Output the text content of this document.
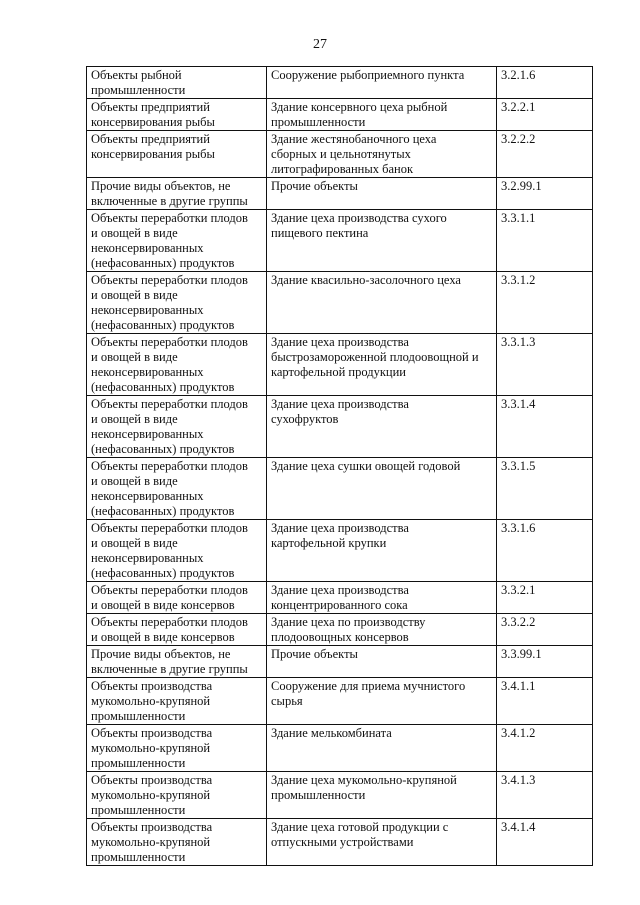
27
Объекты рыбной
промышленности	Сооружение рыбоприемного пункта	3.2.1.6
Объекты предприятий
консервирования рыбы	Здание консервного цеха рыбной
промышленности	3.2.2.1
Объекты предприятий
консервирования рыбы	Здание жестянобаночного цеха
сборных и цельнотянутых
литографированных банок	3.2.2.2
Прочие виды объектов, не
включенные в другие группы	Прочие объекты	3.2.99.1
Объекты переработки плодов
и овощей в виде
неконсервированных
(нефасованных) продуктов	Здание цеха производства сухого
пищевого пектина	3.3.1.1
Объекты переработки плодов
и овощей в виде
неконсервированных
(нефасованных) продуктов	Здание квасильно-засолочного цеха	3.3.1.2
Объекты переработки плодов
и овощей в виде
неконсервированных
(нефасованных) продуктов	Здание цеха производства
быстрозамороженной плодоовощной и
картофельной продукции	3.3.1.3
Объекты переработки плодов
и овощей в виде
неконсервированных
(нефасованных) продуктов	Здание цеха производства
сухофруктов	3.3.1.4
Объекты переработки плодов
и овощей в виде
неконсервированных
(нефасованных) продуктов	Здание цеха сушки овощей годовой	3.3.1.5
Объекты переработки плодов
и овощей в виде
неконсервированных
(нефасованных) продуктов	Здание цеха производства
картофельной крупки	3.3.1.6
Объекты переработки плодов
и овощей в виде консервов	Здание цеха производства
концентрированного сока	3.3.2.1
Объекты переработки плодов
и овощей в виде консервов	Здание цеха по производству
плодоовощных консервов	3.3.2.2
Прочие виды объектов, не
включенные в другие группы	Прочие объекты	3.3.99.1
Объекты производства
мукомольно-крупяной
промышленности	Сооружение для приема мучнистого
сырья	3.4.1.1
Объекты производства
мукомольно-крупяной
промышленности	Здание мелькомбината	3.4.1.2
Объекты производства
мукомольно-крупяной
промышленности	Здание цеха мукомольно-крупяной
промышленности	3.4.1.3
Объекты производства
мукомольно-крупяной
промышленности	Здание цеха готовой продукции с
отпускными устройствами	3.4.1.4
